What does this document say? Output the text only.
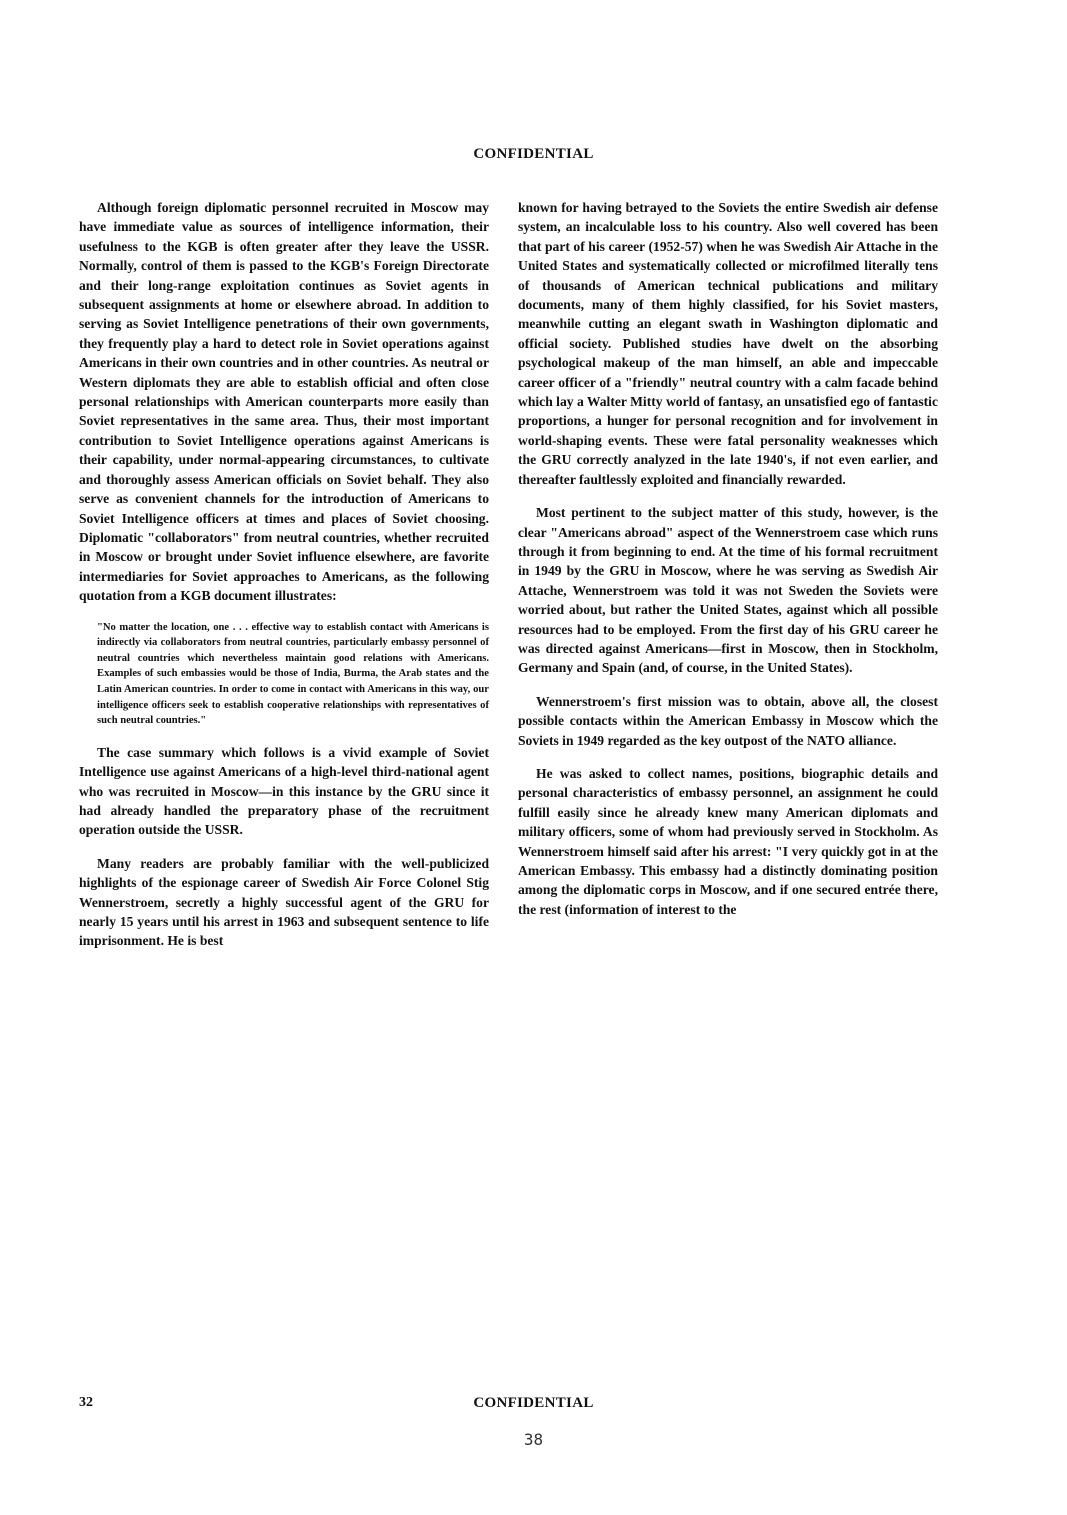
CONFIDENTIAL

Although foreign diplomatic personnel recruited in Moscow may have immediate value as sources of intelligence information, their usefulness to the KGB is often greater after they leave the USSR. Normally, control of them is passed to the KGB's Foreign Directorate and their long-range exploitation continues as Soviet agents in subsequent assignments at home or elsewhere abroad. In addition to serving as Soviet Intelligence penetrations of their own governments, they frequently play a hard to detect role in Soviet operations against Americans in their own countries and in other countries. As neutral or Western diplomats they are able to establish official and often close personal relationships with American counterparts more easily than Soviet representatives in the same area. Thus, their most important contribution to Soviet Intelligence operations against Americans is their capability, under normal-appearing circumstances, to cultivate and thoroughly assess American officials on Soviet behalf. They also serve as convenient channels for the introduction of Americans to Soviet Intelligence officers at times and places of Soviet choosing. Diplomatic "collaborators" from neutral countries, whether recruited in Moscow or brought under Soviet influence elsewhere, are favorite intermediaries for Soviet approaches to Americans, as the following quotation from a KGB document illustrates:

"No matter the location, one . . . effective way to establish contact with Americans is indirectly via collaborators from neutral countries, particularly embassy personnel of neutral countries which nevertheless maintain good relations with Americans. Examples of such embassies would be those of India, Burma, the Arab states and the Latin American countries. In order to come in contact with Americans in this way, our intelligence officers seek to establish cooperative relationships with representatives of such neutral countries."

The case summary which follows is a vivid example of Soviet Intelligence use against Americans of a high-level third-national agent who was recruited in Moscow—in this instance by the GRU since it had already handled the preparatory phase of the recruitment operation outside the USSR.

Many readers are probably familiar with the well-publicized highlights of the espionage career of Swedish Air Force Colonel Stig Wennerstroem, secretly a highly successful agent of the GRU for nearly 15 years until his arrest in 1963 and subsequent sentence to life imprisonment. He is best

known for having betrayed to the Soviets the entire Swedish air defense system, an incalculable loss to his country. Also well covered has been that part of his career (1952-57) when he was Swedish Air Attache in the United States and systematically collected or microfilmed literally tens of thousands of American technical publications and military documents, many of them highly classified, for his Soviet masters, meanwhile cutting an elegant swath in Washington diplomatic and official society. Published studies have dwelt on the absorbing psychological makeup of the man himself, an able and impeccable career officer of a "friendly" neutral country with a calm facade behind which lay a Walter Mitty world of fantasy, an unsatisfied ego of fantastic proportions, a hunger for personal recognition and for involvement in world-shaping events. These were fatal personality weaknesses which the GRU correctly analyzed in the late 1940's, if not even earlier, and thereafter faultlessly exploited and financially rewarded.

Most pertinent to the subject matter of this study, however, is the clear "Americans abroad" aspect of the Wennerstroem case which runs through it from beginning to end. At the time of his formal recruitment in 1949 by the GRU in Moscow, where he was serving as Swedish Air Attache, Wennerstroem was told it was not Sweden the Soviets were worried about, but rather the United States, against which all possible resources had to be employed. From the first day of his GRU career he was directed against Americans—first in Moscow, then in Stockholm, Germany and Spain (and, of course, in the United States).

Wennerstroem's first mission was to obtain, above all, the closest possible contacts within the American Embassy in Moscow which the Soviets in 1949 regarded as the key outpost of the NATO alliance.

He was asked to collect names, positions, biographic details and personal characteristics of embassy personnel, an assignment he could fulfill easily since he already knew many American diplomats and military officers, some of whom had previously served in Stockholm. As Wennerstroem himself said after his arrest: "I very quickly got in at the American Embassy. This embassy had a distinctly dominating position among the diplomatic corps in Moscow, and if one secured entrée there, the rest (information of interest to the

32	CONFIDENTIAL
38
